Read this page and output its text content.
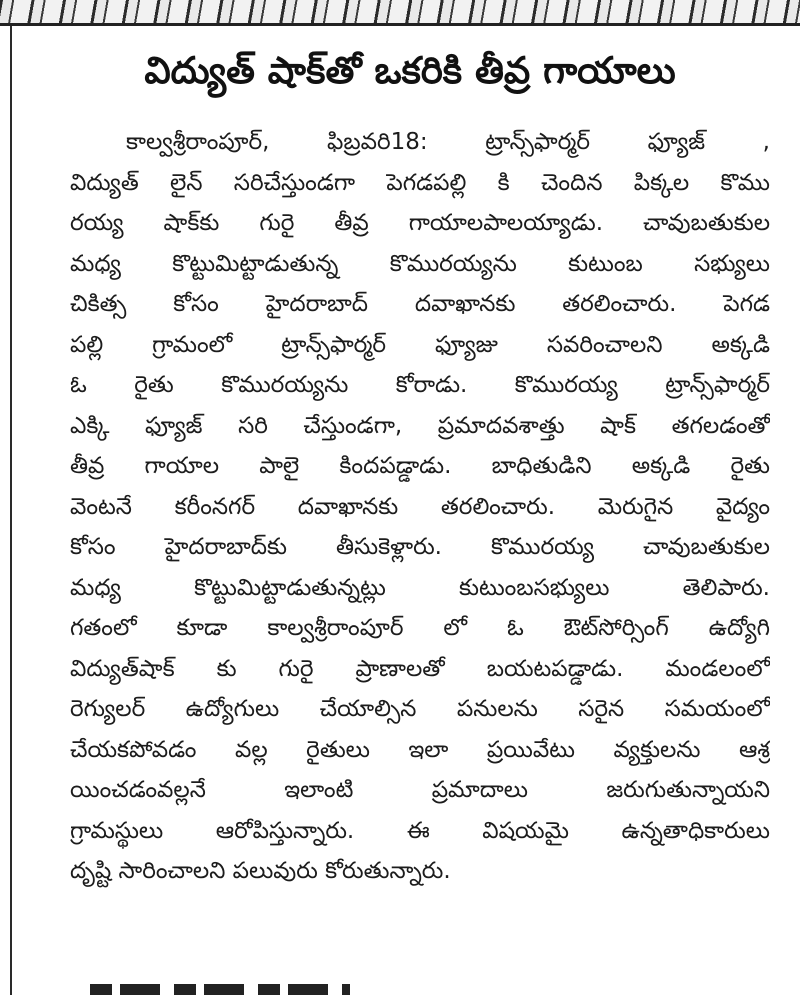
విద్యుత్ షాక్‌తో ఒకరికి తీవ్ర గాయాలు
కాల్వశ్రీరాంపూర్, ఫిబ్రవరి18: ట్రాన్స్‌ఫార్మర్ ఫ్యూజ్ ,
విద్యుత్ లైన్ సరిచేస్తుండగా పెగడపల్లి కి చెందిన పిక్కల కొము
రయ్య షాక్‌కు గురై తీవ్ర గాయాలపాలయ్యాడు. చావుబతుకుల
మధ్య కొట్టుమిట్టాడుతున్న కొమురయ్యను కుటుంబ సభ్యులు
చికిత్స కోసం హైదరాబాద్ దవాఖానకు తరలించారు. పెగడ
పల్లి గ్రామంలో ట్రాన్స్‌ఫార్మర్ ఫ్యూజు సవరించాలని అక్కడి
ఓ రైతు కొమురయ్యను కోరాడు. కొమురయ్య ట్రాన్స్‌ఫార్మర్
ఎక్కి ఫ్యూజ్ సరి చేస్తుండగా, ప్రమాదవశాత్తు షాక్ తగలడంతో
తీవ్ర గాయాల పాలై కిందపడ్డాడు. బాధితుడిని అక్కడి రైతు
వెంటనే కరీంనగర్ దవాఖానకు తరలించారు. మెరుగైన వైద్యం
కోసం హైదరాబాద్‌కు తీసుకెళ్లారు. కొమురయ్య చావుబతుకుల
మధ్య కొట్టుమిట్టాడుతున్నట్లు కుటుంబసభ్యులు తెలిపారు.
గతంలో కూడా కాల్వశ్రీరాంపూర్ లో ఓ ఔట్‌సోర్సింగ్ ఉద్యోగి
విద్యుత్‌షాక్ కు గురై ప్రాణాలతో బయటపడ్డాడు. మండలంలో
రెగ్యులర్ ఉద్యోగులు చేయాల్సిన పనులను సరైన సమయంలో
చేయకపోవడం వల్ల రైతులు ఇలా ప్రయివేటు వ్యక్తులను ఆశ్ర
యించడంవల్లనే ఇలాంటి ప్రమాదాలు జరుగుతున్నాయని
గ్రామస్థులు ఆరోపిస్తున్నారు. ఈ విషయమై ఉన్నతాధికారులు
దృష్టి సారించాలని పలువురు కోరుతున్నారు.
